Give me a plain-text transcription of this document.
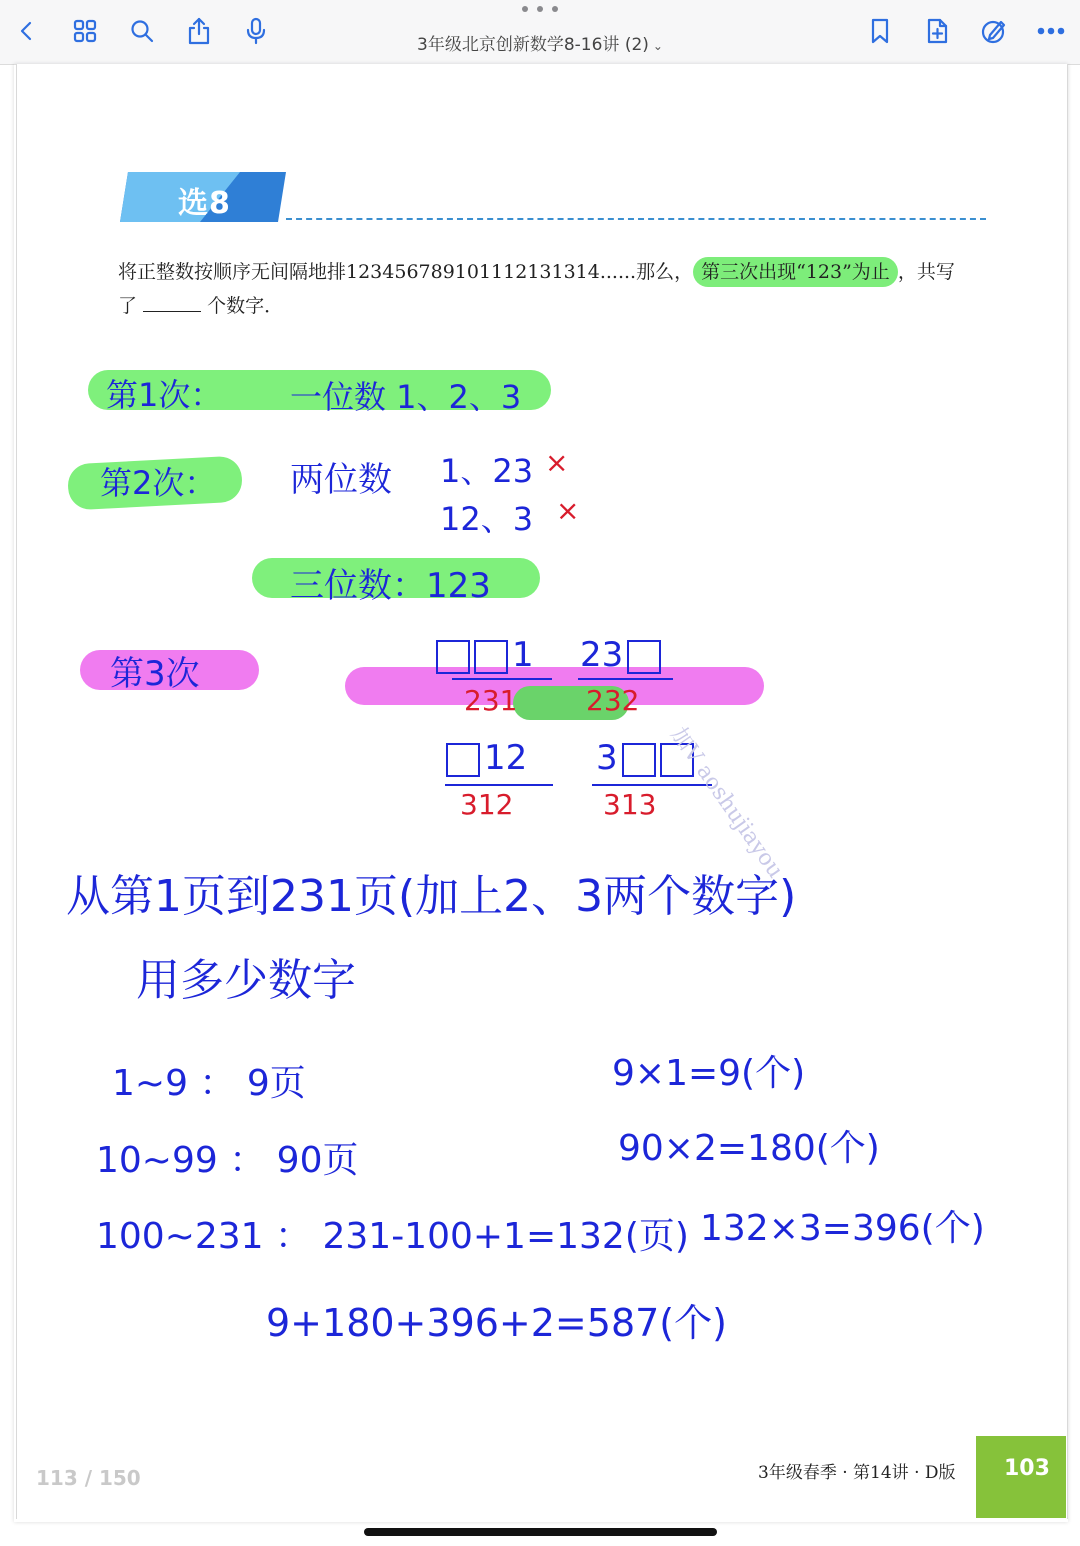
3年级北京创新数学8-16讲 (2) ⌄
选8
将正整数按顺序无间隔地排123456789101112131314......那么， 第三次出现“123”为止 ，共写
了	个数字．
第1次： 一位数 1、2、3
第2次： 两位数 1、23 ×
12、3 ×
三位数：123
第3次	1 23
231 232
12 3
312	313 加V aoshujiayou
从第1页到231页(加上2、3两个数字)
用多少数字
1~9 ： 9页	9×1=9(个)
10~99 ： 90页	90×2=180(个)
100~231 ： 231-100+1=132(页) 132×3=396(个)
9+180+396+2=587(个)
113 / 150	3年级春季 · 第14讲 · D版 103
